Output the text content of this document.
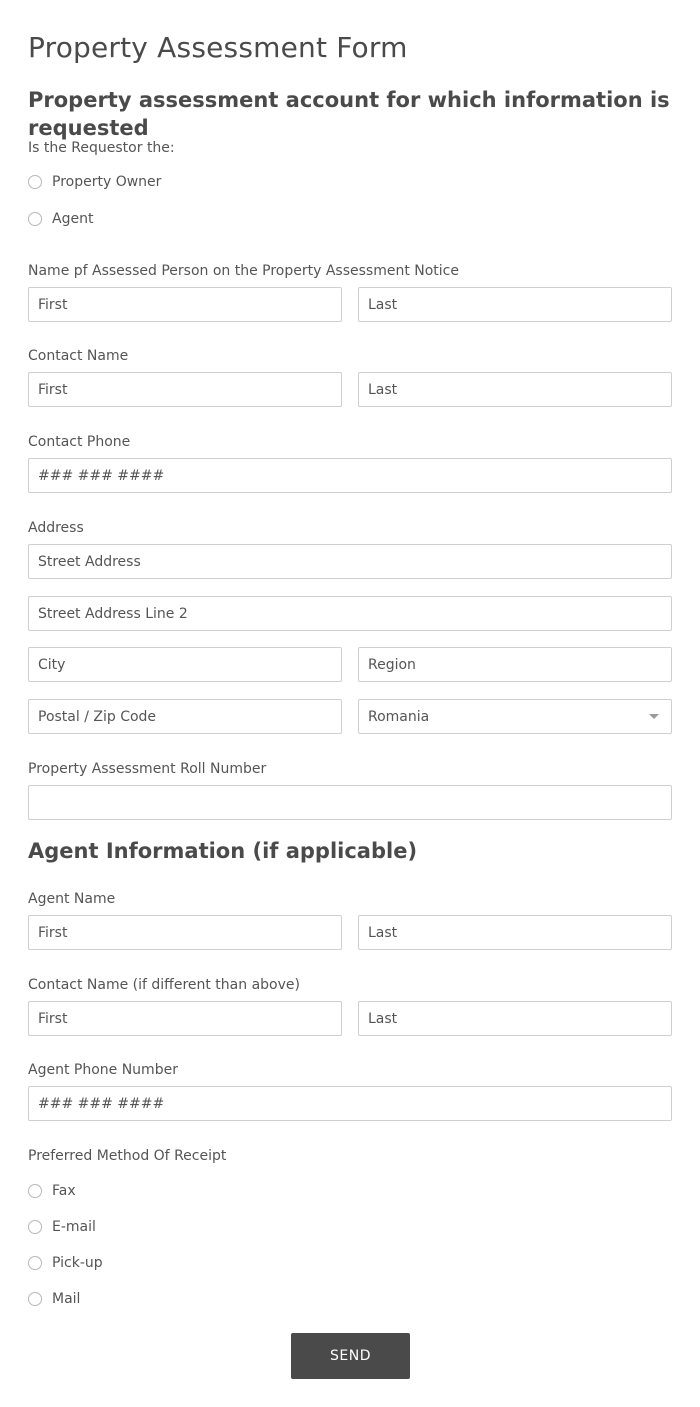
Property Assessment Form
Property assessment account for which information is requested
Is the Requestor the:
Property Owner
Agent
Name pf Assessed Person on the Property Assessment Notice
First
Last
Contact Name
First
Last
Contact Phone
### ### ####
Address
Street Address
Street Address Line 2
City
Region
Postal / Zip Code
Romania
Property Assessment Roll Number
Agent Information (if applicable)
Agent Name
First
Last
Contact Name (if different than above)
First
Last
Agent Phone Number
### ### ####
Preferred Method Of Receipt
Fax
E-mail
Pick-up
Mail
SEND
